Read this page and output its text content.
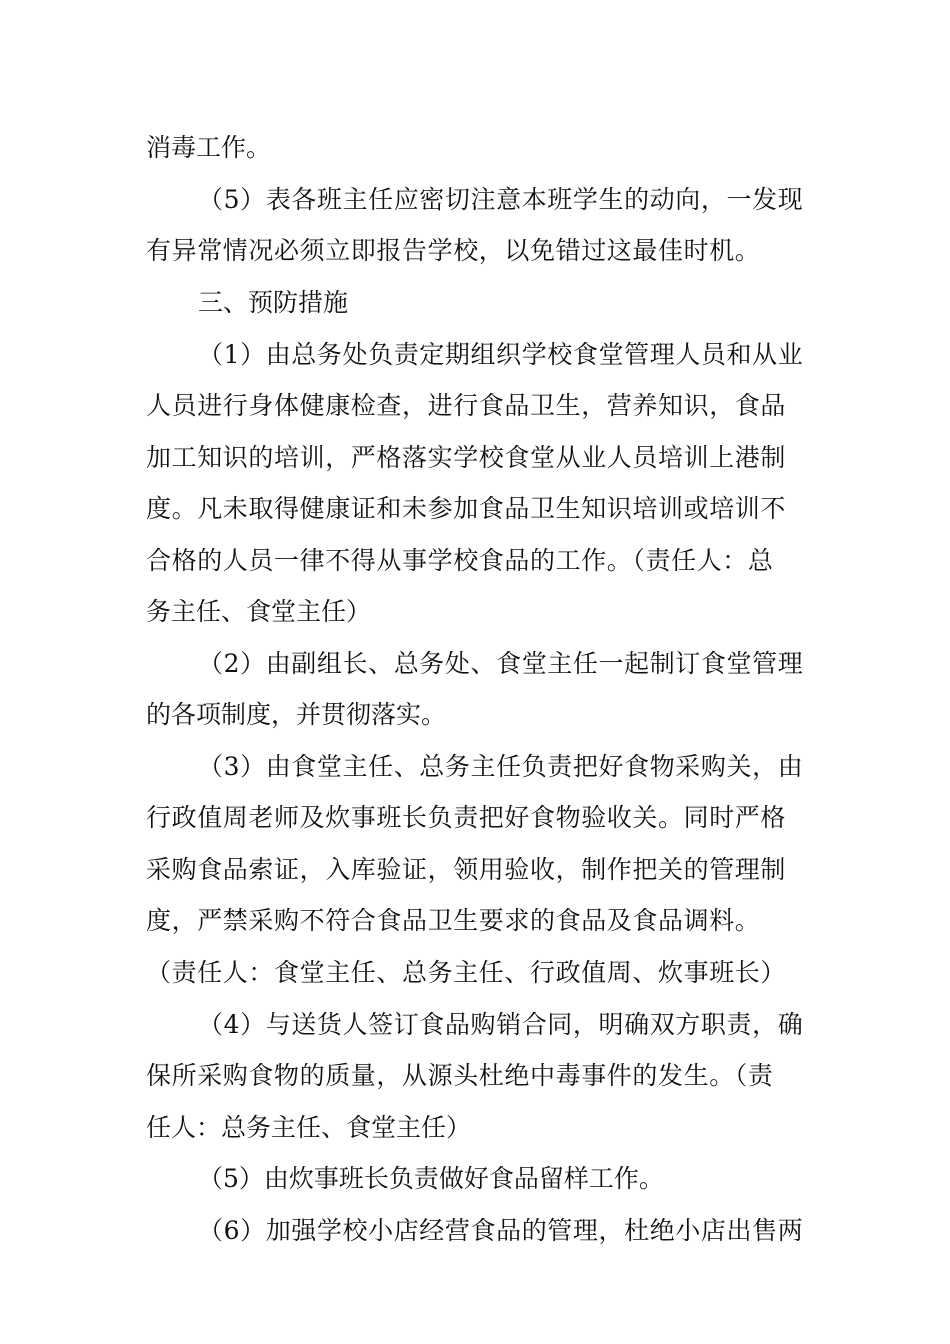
消毒工作。

（5）表各班主任应密切注意本班学生的动向，一发现

有异常情况必须立即报告学校，以免错过这最佳时机。

三、预防措施

（1）由总务处负责定期组织学校食堂管理人员和从业

人员进行身体健康检查，进行食品卫生，营养知识，食品

加工知识的培训，严格落实学校食堂从业人员培训上港制

度。凡未取得健康证和未参加食品卫生知识培训或培训不

合格的人员一律不得从事学校食品的工作。（责任人：总

务主任、食堂主任）

（2）由副组长、总务处、食堂主任一起制订食堂管理

的各项制度，并贯彻落实。

（3）由食堂主任、总务主任负责把好食物采购关，由

行政值周老师及炊事班长负责把好食物验收关。同时严格

采购食品索证，入库验证，领用验收，制作把关的管理制

度，严禁采购不符合食品卫生要求的食品及食品调料。

（责任人：食堂主任、总务主任、行政值周、炊事班长）

（4）与送货人签订食品购销合同，明确双方职责，确

保所采购食物的质量，从源头杜绝中毒事件的发生。（责

任人：总务主任、食堂主任）

（5）由炊事班长负责做好食品留样工作。

（6）加强学校小店经营食品的管理，杜绝小店出售两
